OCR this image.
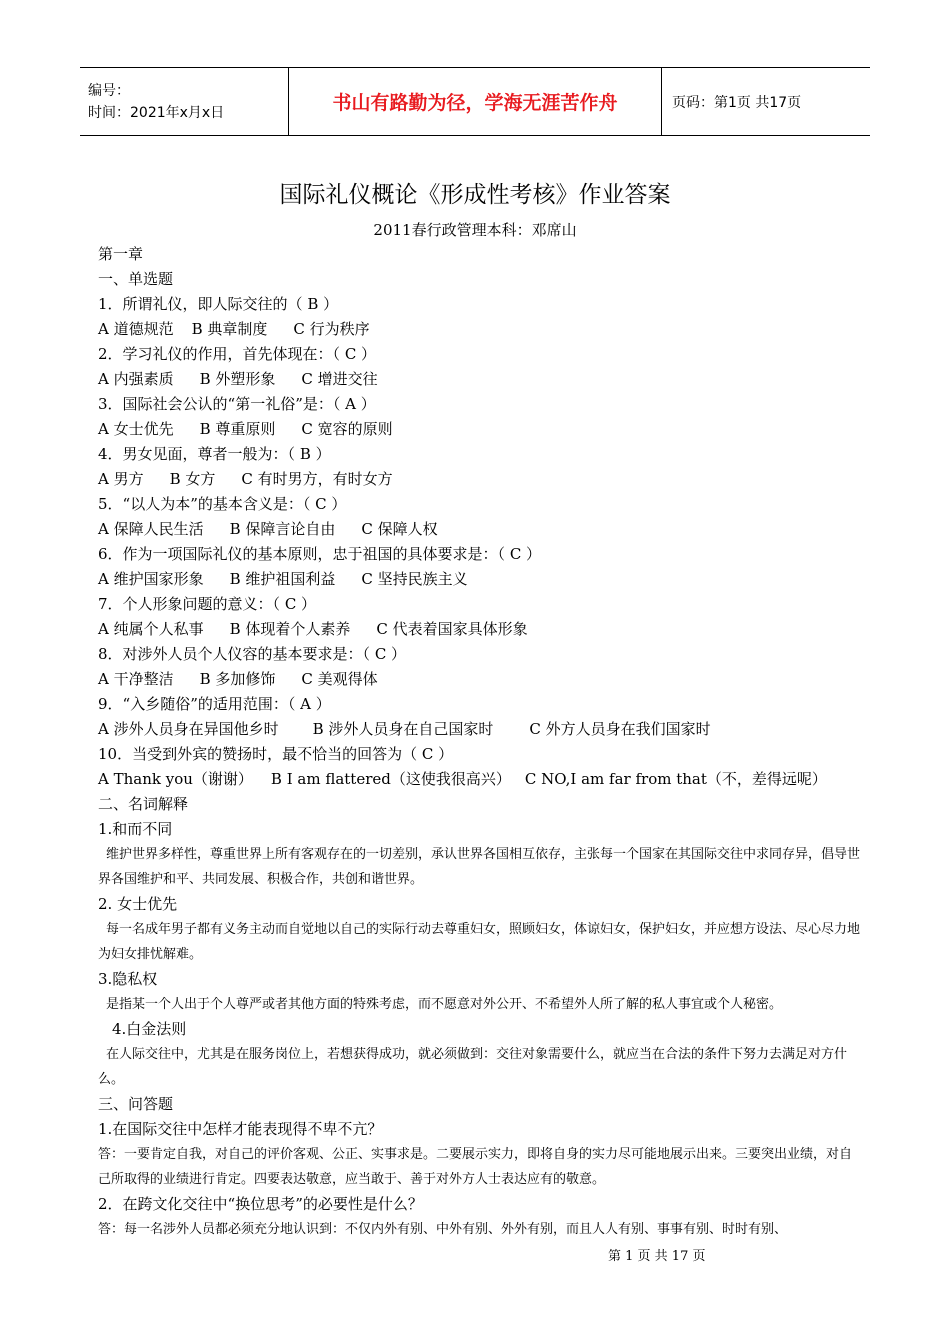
编号：
时间：2021年x月x日	书山有路勤为径，学海无涯苦作舟	页码：第1页 共17页
国际礼仪概论《形成性考核》作业答案
2011春行政管理本科：邓席山
第一章
一、单选题
1．所谓礼仪，即人际交往的（ B ）
A 道德规范 B 典章制度 C 行为秩序
2．学习礼仪的作用，首先体现在：（ C ）
A 内强素质 B 外塑形象 C 增进交往
3．国际社会公认的“第一礼俗”是：（ A ）
A 女士优先 B 尊重原则 C 宽容的原则
4．男女见面，尊者一般为：（ B ）
A 男方 B 女方 C 有时男方，有时女方
5．“以人为本”的基本含义是：（ C ）
A 保障人民生活 B 保障言论自由 C 保障人权
6．作为一项国际礼仪的基本原则，忠于祖国的具体要求是：（ C ）
A 维护国家形象 B 维护祖国利益 C 坚持民族主义
7．个人形象问题的意义：（ C ）
A 纯属个人私事 B 体现着个人素养 C 代表着国家具体形象
8．对涉外人员个人仪容的基本要求是：（ C ）
A 干净整洁 B 多加修饰 C 美观得体
9．“入乡随俗”的适用范围：（ A ）
A 涉外人员身在异国他乡时 B 涉外人员身在自己国家时 C 外方人员身在我们国家时
10．当受到外宾的赞扬时，最不恰当的回答为（ C ）
A Thank you（谢谢） B I am flattered（这使我很高兴） C NO,I am far from that（不，差得远呢）
二、名词解释
1.和而不同

维护世界多样性，尊重世界上所有客观存在的一切差别，承认世界各国相互依存，主张每一个国家在其国际交往中求同存异，倡导世界各国维护和平、共同发展、积极合作，共创和谐世界。

2. 女士优先

每一名成年男子都有义务主动而自觉地以自己的实际行动去尊重妇女，照顾妇女，体谅妇女，保护妇女，并应想方设法、尽心尽力地为妇女排忧解难。

3.隐私权

是指某一个人出于个人尊严或者其他方面的特殊考虑，而不愿意对外公开、不希望外人所了解的私人事宜或个人秘密。

4.白金法则

在人际交往中，尤其是在服务岗位上，若想获得成功，就必须做到：交往对象需要什么，就应当在合法的条件下努力去满足对方什么。

三、问答题
1.在国际交往中怎样才能表现得不卑不亢？

答：一要肯定自我，对自己的评价客观、公正、实事求是。二要展示实力，即将自身的实力尽可能地展示出来。三要突出业绩，对自己所取得的业绩进行肯定。四要表达敬意，应当敢于、善于对外方人士表达应有的敬意。

2．在跨文化交往中“换位思考”的必要性是什么？

答：每一名涉外人员都必须充分地认识到：不仅内外有别、中外有别、外外有别，而且人人有别、事事有别、时时有别、

第 1 页 共 17 页
